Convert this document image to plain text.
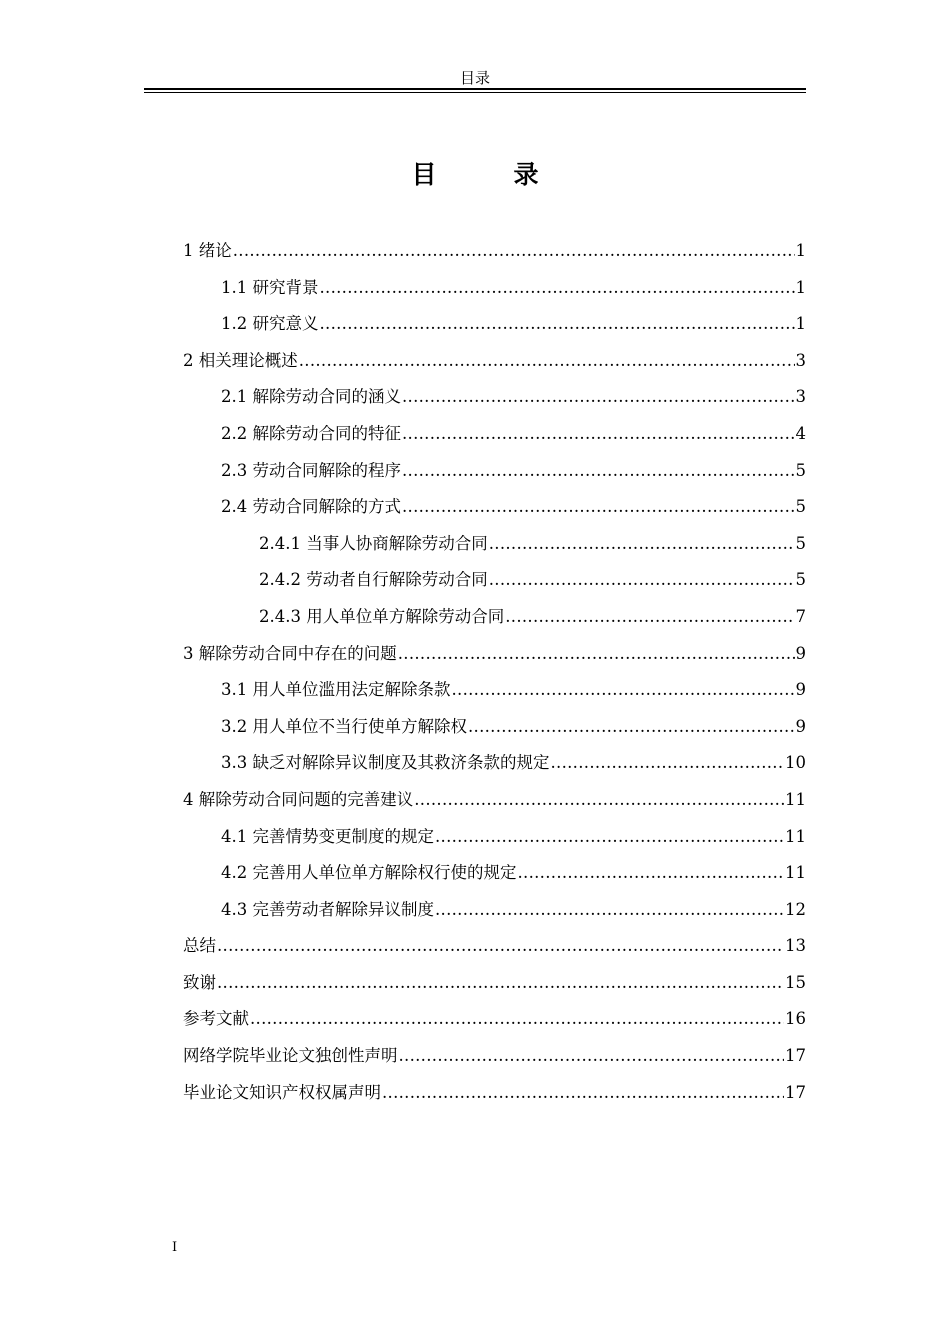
目录
目　录
1 绪论 .....	1
1.1 研究背景 .....	1
1.2 研究意义 .....	1
2 相关理论概述 .....	3
2.1 解除劳动合同的涵义 .....	3
2.2 解除劳动合同的特征 .....	4
2.3 劳动合同解除的程序 .....	5
2.4 劳动合同解除的方式 .....	5
2.4.1 当事人协商解除劳动合同 .....	5
2.4.2 劳动者自行解除劳动合同 .....	5
2.4.3 用人单位单方解除劳动合同 .....	7
3 解除劳动合同中存在的问题 .....	9
3.1 用人单位滥用法定解除条款 .....	9
3.2 用人单位不当行使单方解除权 .....	9
3.3 缺乏对解除异议制度及其救济条款的规定 .....	10
4 解除劳动合同问题的完善建议 .....	11
4.1 完善情势变更制度的规定 .....	11
4.2 完善用人单位单方解除权行使的规定 .....	11
4.3 完善劳动者解除异议制度 .....	12
总结 .....	13
致谢 .....	15
参考文献 .....	16
网络学院毕业论文独创性声明 .....	17
毕业论文知识产权权属声明 .....	17
I
